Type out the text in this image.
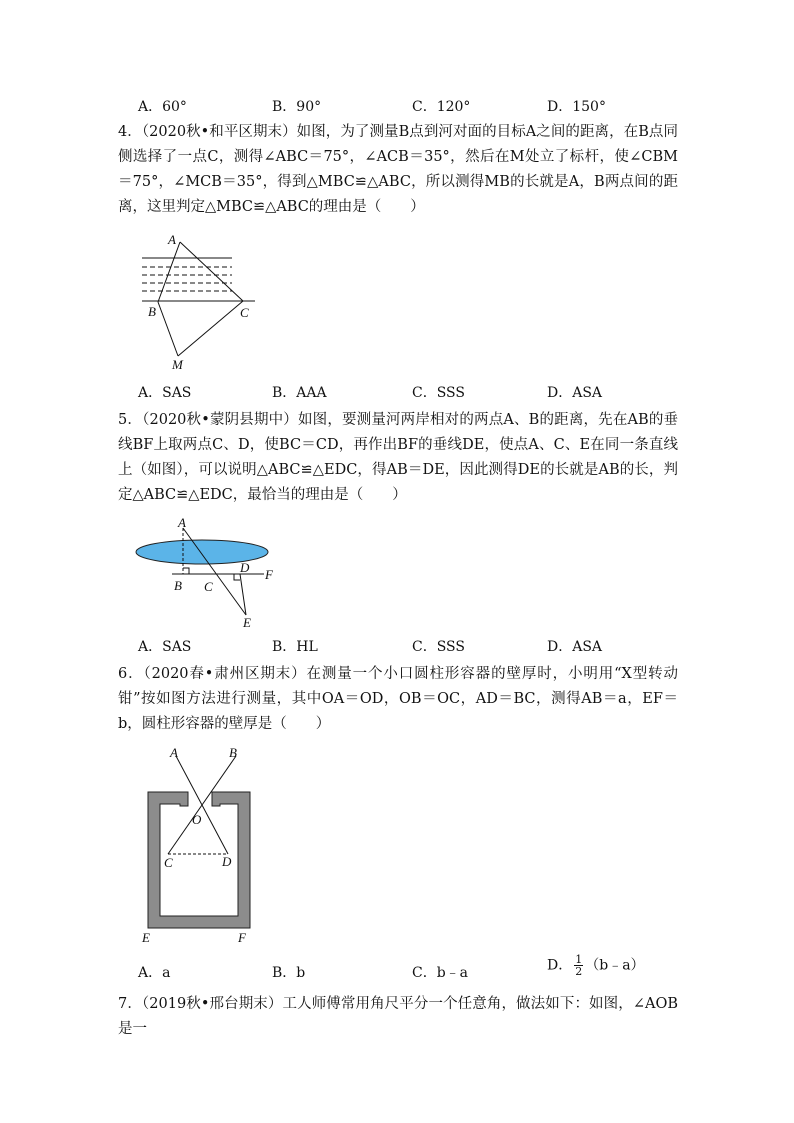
A．60°	B．90°	C．120°	D．150°
4．（2020秋•和平区期末）如图，为了测量B点到河对面的目标A之间的距离，在B点同侧选择了一点C，测得∠ABC＝75°，∠ACB＝35°，然后在M处立了标杆，使∠CBM＝75°，∠MCB＝35°，得到△MBC≌△ABC，所以测得MB的长就是A，B两点间的距离，这里判定△MBC≌△ABC的理由是（　　）
A
B	C
M
A．SAS	B．AAA	C．SSS	D．ASA
5．（2020秋•蒙阴县期中）如图，要测量河两岸相对的两点A、B的距离，先在AB的垂线BF上取两点C、D，使BC＝CD，再作出BF的垂线DE，使点A、C、E在同一条直线上（如图），可以说明△ABC≌△EDC，得AB＝DE，因此测得DE的长就是AB的长，判定△ABC≌△EDC，最恰当的理由是（　　）
A
B C
D F
E
A．SAS	B．HL	C．SSS	D．ASA
6．（2020春•肃州区期末）在测量一个小口圆柱形容器的壁厚时，小明用“X型转动钳”按如图方法进行测量，其中OA＝OD，OB＝OC，AD＝BC，测得AB＝a，EF＝b，圆柱形容器的壁厚是（　　）
A	B
O
C	D
E	F
A．a	B．b	C．b﹣a	D． $\frac{1}{2}$ （b﹣a）
7．（2019秋•邢台期末）工人师傅常用角尺平分一个任意角，做法如下：如图，∠AOB是一
